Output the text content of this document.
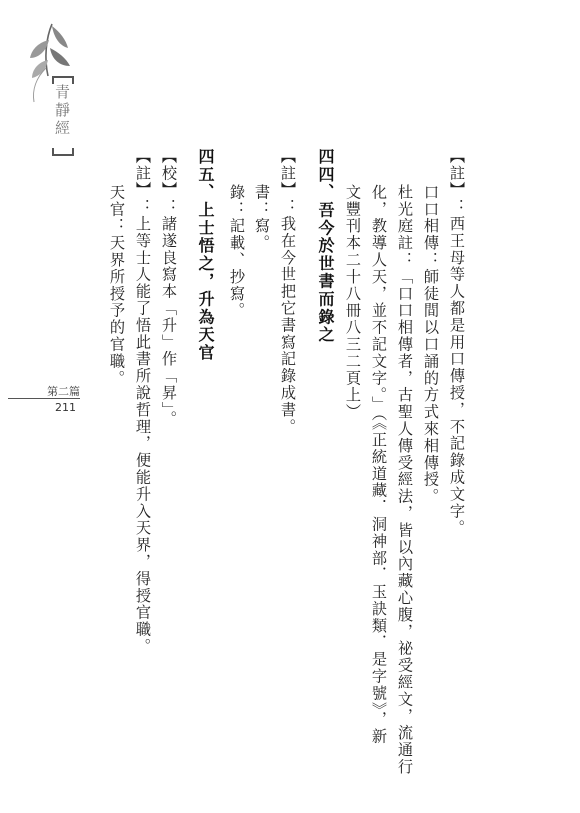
青靜經
第二篇
211	【註】：西王母等人都是用口傳授，不記錄成文字。
口口相傳：師徒間以口誦的方式來相傳授。
杜光庭註：「口口相傳者，古聖人傳受經法，皆以內藏心腹，祕受經文，流通行
化，教導人天，並不記文字。」（《正統道藏．洞神部．玉訣類．是字號》，新
文豐刊本二十八冊八三二頁上）
四四、吾今於世書而錄之
【註】：我在今世把它書寫記錄成書。
書：寫。
錄：記載、抄寫。
四五、上士悟之，升為天官
【校】：諸遂良寫本「升」作「昇」。
【註】：上等士人能了悟此書所說哲理，便能升入天界，得授官職。
天官：天界所授予的官職。
